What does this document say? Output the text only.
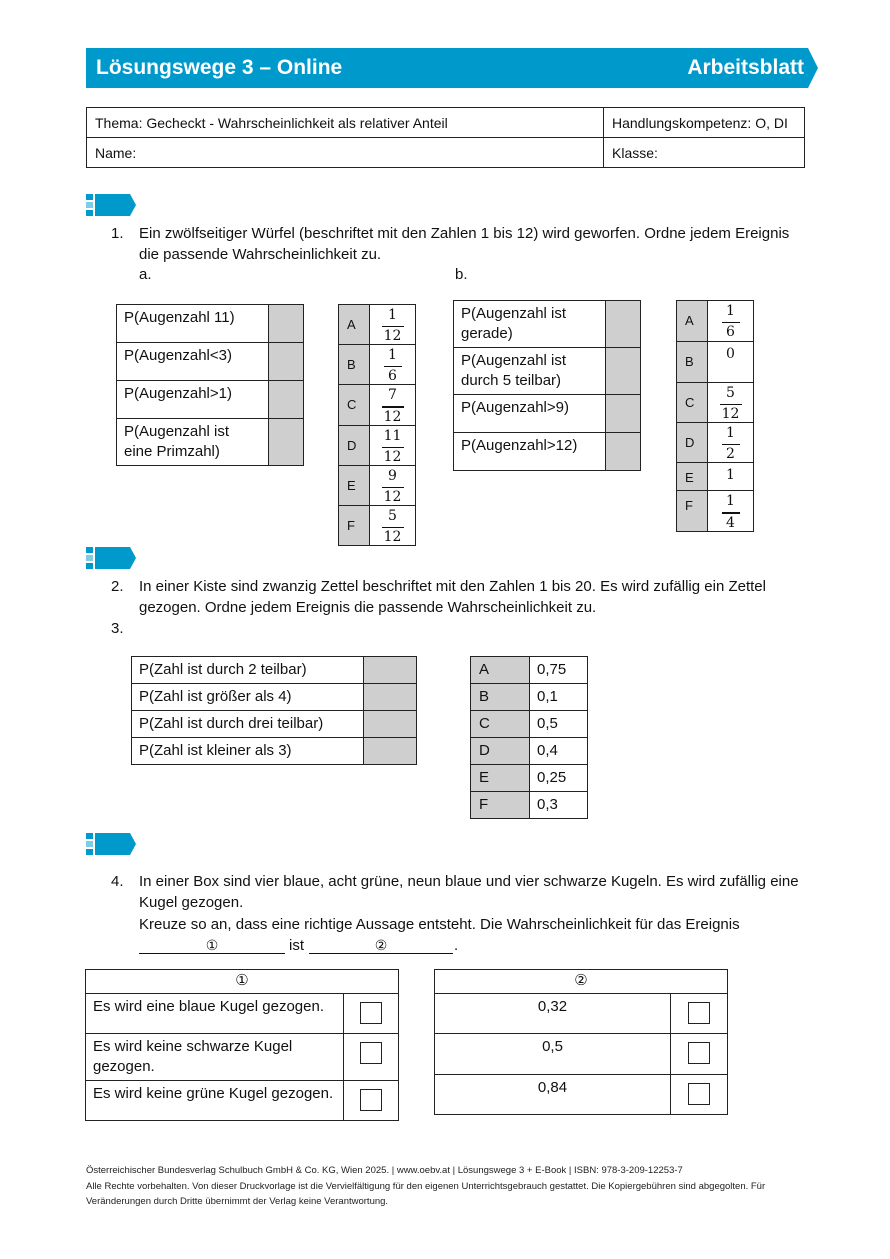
Lösungswege 3 – Online	Arbeitsblatt
Thema: Gecheckt - Wahrscheinlichkeit als relativer Anteil	Handlungskompetenz: O, DI
Name:	Klasse:
1. Ein zwölfseitiger Würfel (beschriftet mit den Zahlen 1 bis 12) wird geworfen. Ordne jedem Ereignis
die passende Wahrscheinlichkeit zu.
a.	b.
P(Augenzahl 11)	
P(Augenzahl<3)	
P(Augenzahl>1)	
P(Augenzahl ist eine Primzahl)	
A	$\frac{1}{12}$

B	$\frac{1}{6}$

C	$\frac{7}{12}$

D	$\frac{11}{12}$

E	$\frac{9}{12}$

F	$\frac{5}{12}$
P(Augenzahl ist gerade)	
P(Augenzahl ist durch 5 teilbar)	
P(Augenzahl>9)	
P(Augenzahl>12)	
A	$\frac{1}{6}$

B	0
C	$\frac{5}{12}$

D	$\frac{1}{2}$

E	1
F	$\frac{1}{4}$
2. In einer Kiste sind zwanzig Zettel beschriftet mit den Zahlen 1 bis 20. Es wird zufällig ein Zettel
gezogen. Ordne jedem Ereignis die passende Wahrscheinlichkeit zu.
3.
P(Zahl ist durch 2 teilbar)	
P(Zahl ist größer als 4)	
P(Zahl ist durch drei teilbar)	
P(Zahl ist kleiner als 3)	
A	0,75
B	0,1
C	0,5
D	0,4
E	0,25
F	0,3
4. In einer Box sind vier blaue, acht grüne, neun blaue und vier schwarze Kugeln. Es wird zufällig eine
Kugel gezogen.
Kreuze so an, dass eine richtige Aussage entsteht. Die Wahrscheinlichkeit für das Ereignis
①	ist	②	.
①	
Es wird eine blaue Kugel gezogen.	
Es wird keine schwarze Kugel gezogen.	
Es wird keine grüne Kugel gezogen.	
②	
0,32	
0,5	
0,84	
Österreichischer Bundesverlag Schulbuch GmbH & Co. KG, Wien 2025. | www.oebv.at | Lösungswege 3 + E-Book | ISBN: 978-3-209-12253-7
Alle Rechte vorbehalten. Von dieser Druckvorlage ist die Vervielfältigung für den eigenen Unterrichtsgebrauch gestattet. Die Kopiergebühren sind abgegolten. Für
Veränderungen durch Dritte übernimmt der Verlag keine Verantwortung.
